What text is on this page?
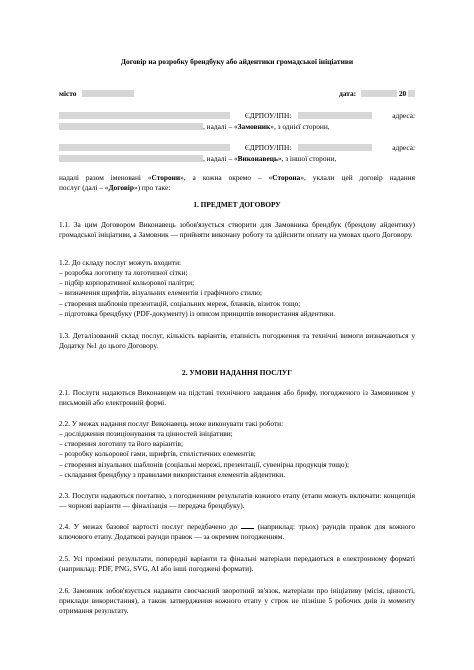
Договір на розробку брендбуку або айдентики громадської ініціативи
місто	дата:	20
ЄДРПОУ/ІПН:	адреса:
, надалі – «Замовник», з однієї сторони,
ЄДРПОУ/ІПН:	адреса:
, надалі – «Виконавець», з іншої сторони,
надалі разом іменовані «Сторони», а кожна окремо – «Сторона», уклали цей договір надання
послуг (далі – «Договір») про таке:
1. ПРЕДМЕТ ДОГОВОРУ
1.1. За цим Договором Виконавець зобов'язується створити для Замовника брендбук (брендову айдентику) громадської ініціативи, а Замовник — прийняти виконану роботу та здійснити оплату на умовах цього Договору.
1.2. До складу послуг можуть входити:
– розробка логотипу та логотипної сітки;
– підбір корпоративної кольорової палітри;
– визначення шрифтів, візуальних елементів і графічного стилю;
– створення шаблонів презентацій, соціальних мереж, бланків, візиток тощо;
– підготовка брендбуку (PDF-документу) із описом принципів використання айдентики.
1.3. Деталізований склад послуг, кількість варіантів, етапність погодження та технічні вимоги визначаються у Додатку №1 до цього Договору.
2. УМОВИ НАДАННЯ ПОСЛУГ
2.1. Послуги надаються Виконавцем на підставі технічного завдання або брифу, погодженого із Замовником у письмовій або електронній формі.
2.2. У межах надання послуг Виконавець може виконувати такі роботи:
– дослідження позиціонування та цінностей ініціативи;
– створення логотипу та його варіантів;
– розробку кольорової гами, шрифтів, стилістичних елементів;
– створення візуальних шаблонів (соціальні мережі, презентації, сувенірна продукція тощо);
– складання брендбуку з правилами використання елементів айдентики.
2.3. Послуги надаються поетапно, з погодженням результатів кожного етапу (етапи можуть включати: концепція — чорнові варіанти — фіналізація — передача брендбуку).
2.4. У межах базової вартості послуг передбачено до  (наприклад: трьох) раундів правок для кожного ключового етапу. Додаткові раунди правок — за окремим погодженням.
2.5. Усі проміжні результати, попередні варіанти та фінальні матеріали передаються в електронному форматі (наприклад: PDF, PNG, SVG, AI або інші погоджені формати).
2.6. Замовник зобов'язується надавати своєчасний зворотний зв'язок, матеріали про ініціативу (місія, цінності, приклади використання), а також затвердження кожного етапу у строк не пізніше 5 робочих днів із моменту отримання результату.
